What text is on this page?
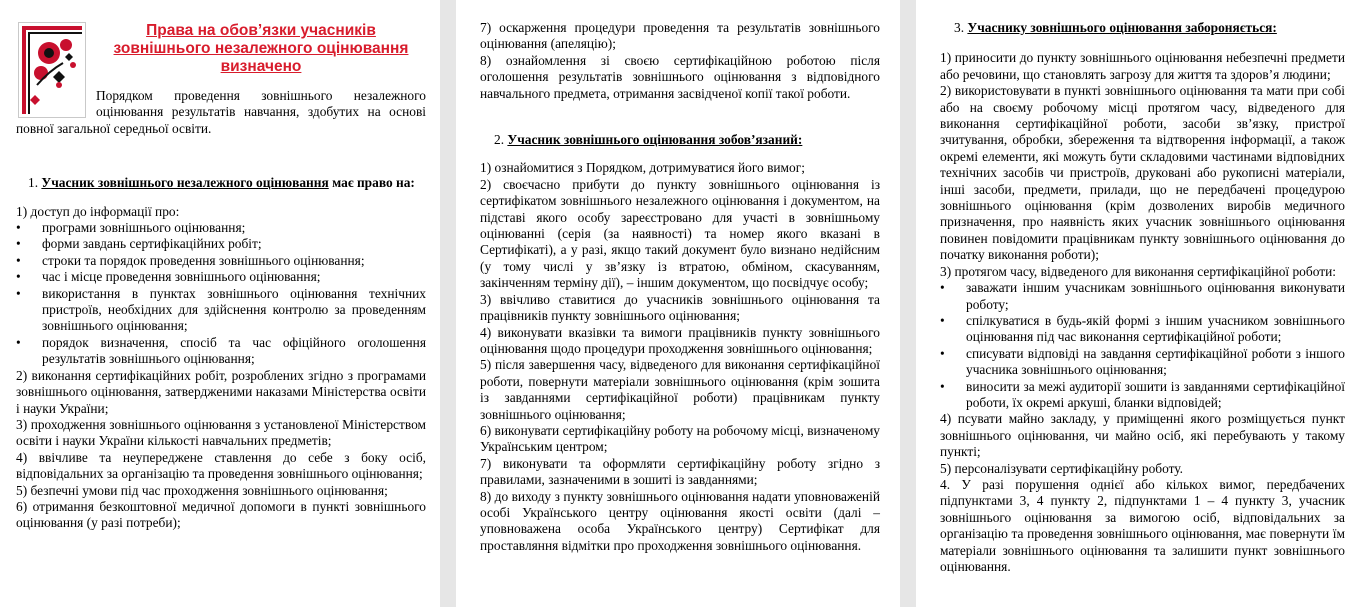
Права на обов’язки учасників зовнішнього незалежного оцінювання визначено

Порядком проведення зовнішнього незалежного оцінювання результатів навчання, здобутих на основі повної загальної середньої освіти.

1. Учасник зовнішнього незалежного оцінювання має право на:

1) доступ до інформації про:

• програми зовнішнього оцінювання;

• форми завдань сертифікаційних робіт;

• строки та порядок проведення зовнішнього оцінювання;

• час і місце проведення зовнішнього оцінювання;

• використання в пунктах зовнішнього оцінювання технічних пристроїв, необхідних для здійснення контролю за проведенням зовнішнього оцінювання;

• порядок визначення, спосіб та час офіційного оголошення результатів зовнішнього оцінювання;

2) виконання сертифікаційних робіт, розроблених згідно з програмами зовнішнього оцінювання, затвердженими наказами Міністерства освіти і науки України;

3) проходження зовнішнього оцінювання з установленої Міністерством освіти і науки України кількості навчальних предметів;

4) ввічливе та неупереджене ставлення до себе з боку осіб, відповідальних за організацію та проведення зовнішнього оцінювання;

5) безпечні умови під час проходження зовнішнього оцінювання;

6) отримання безкоштовної медичної допомоги в пункті зовнішнього оцінювання (у разі потреби);

7) оскарження процедури проведення та результатів зовнішнього оцінювання (апеляцію);

8) ознайомлення зі своєю сертифікаційною роботою після оголошення результатів зовнішнього оцінювання з відповідного навчального предмета, отримання засвідченої копії такої роботи.

2. Учасник зовнішнього оцінювання зобов’язаний:

1) ознайомитися з Порядком, дотримуватися його вимог;

2) своєчасно прибути до пункту зовнішнього оцінювання із сертифікатом зовнішнього незалежного оцінювання і документом, на підставі якого особу зареєстровано для участі в зовнішньому оцінюванні (серія (за наявності) та номер якого вказані в Сертифікаті), а у разі, якщо такий документ було визнано недійсним (у тому числі у зв’язку із втратою, обміном, скасуванням, закінченням терміну дії), – іншим документом, що посвідчує особу;

3) ввічливо ставитися до учасників зовнішнього оцінювання та працівників пункту зовнішнього оцінювання;

4) виконувати вказівки та вимоги працівників пункту зовнішнього оцінювання щодо процедури проходження зовнішнього оцінювання;

5) після завершення часу, відведеного для виконання сертифікаційної роботи, повернути матеріали зовнішнього оцінювання (крім зошита із завданнями сертифікаційної роботи) працівникам пункту зовнішнього оцінювання;

6) виконувати сертифікаційну роботу на робочому місці, визначеному Українським центром;

7) виконувати та оформляти сертифікаційну роботу згідно з правилами, зазначеними в зошиті із завданнями;

8) до виходу з пункту зовнішнього оцінювання надати уповноваженій особі Українського центру оцінювання якості освіти (далі – уповноважена особа Українського центру) Сертифікат для проставляння відмітки про проходження зовнішнього оцінювання.

3. Учаснику зовнішнього оцінювання забороняється:

1) приносити до пункту зовнішнього оцінювання небезпечні предмети або речовини, що становлять загрозу для життя та здоров’я людини;

2) використовувати в пункті зовнішнього оцінювання та мати при собі або на своєму робочому місці протягом часу, відведеного для виконання сертифікаційної роботи, засоби зв’язку, пристрої зчитування, обробки, збереження та відтворення інформації, а також окремі елементи, які можуть бути складовими частинами відповідних технічних засобів чи пристроїв, друковані або рукописні матеріали, інші засоби, предмети, прилади, що не передбачені процедурою зовнішнього оцінювання (крім дозволених виробів медичного призначення, про наявність яких учасник зовнішнього оцінювання повинен повідомити працівникам пункту зовнішнього оцінювання до початку виконання роботи);

3) протягом часу, відведеного для виконання сертифікаційної роботи:

• заважати іншим учасникам зовнішнього оцінювання виконувати роботу;

• спілкуватися в будь-якій формі з іншим учасником зовнішнього оцінювання під час виконання сертифікаційної роботи;

• списувати відповіді на завдання сертифікаційної роботи з іншого учасника зовнішнього оцінювання;

• виносити за межі аудиторії зошити із завданнями сертифікаційної роботи, їх окремі аркуші, бланки відповідей;

4) псувати майно закладу, у приміщенні якого розміщується пункт зовнішнього оцінювання, чи майно осіб, які перебувають у такому пункті;

5) персоналізувати сертифікаційну роботу.

4. У разі порушення однієї або кількох вимог, передбачених підпунктами 3, 4 пункту 2, підпунктами 1 – 4 пункту 3, учасник зовнішнього оцінювання за вимогою осіб, відповідальних за організацію та проведення зовнішнього оцінювання, має повернути їм матеріали зовнішнього оцінювання та залишити пункт зовнішнього оцінювання.
